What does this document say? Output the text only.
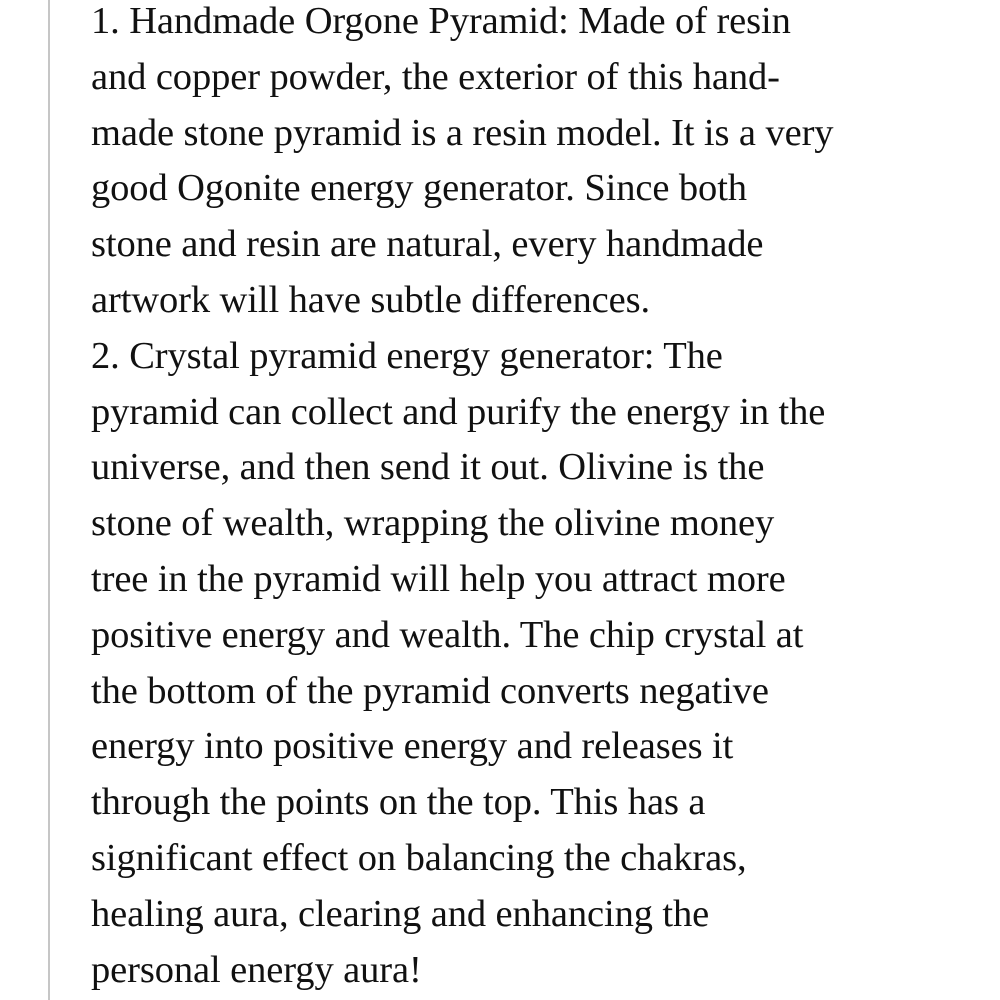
1. Handmade Orgone Pyramid: Made of resin
and copper powder, the exterior of this hand-
made stone pyramid is a resin model. It is a very
good Ogonite energy generator. Since both
stone and resin are natural, every handmade
artwork will have subtle differences.
2. Crystal pyramid energy generator: The
pyramid can collect and purify the energy in the
universe, and then send it out. Olivine is the
stone of wealth, wrapping the olivine money
tree in the pyramid will help you attract more
positive energy and wealth. The chip crystal at
the bottom of the pyramid converts negative
energy into positive energy and releases it
through the points on the top. This has a
significant effect on balancing the chakras,
healing aura, clearing and enhancing the
personal energy aura!
